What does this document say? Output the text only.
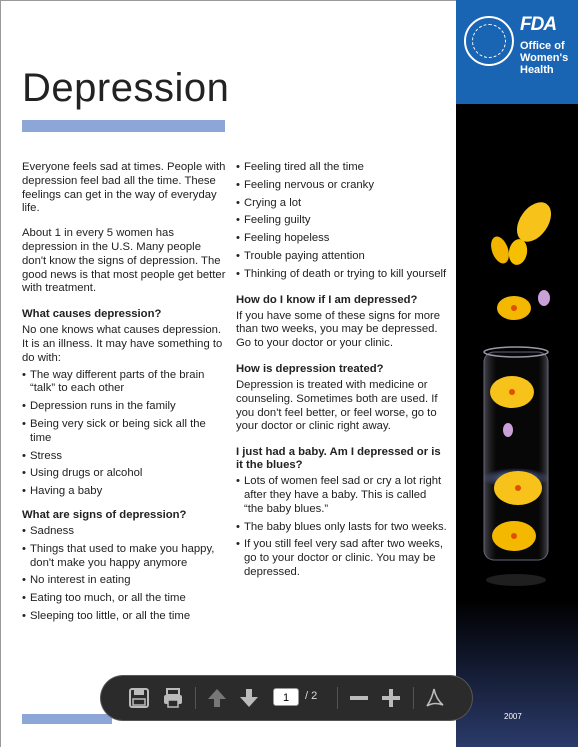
Depression

Everyone feels sad at times. People with depression feel bad all the time. These feelings can get in the way of everyday life.

About 1 in every 5 women has depression in the U.S. Many people don't know the signs of depression. The good news is that most people get better with treatment.

What causes depression?

No one knows what causes depression. It is an illness. It may have something to do with:

• The way different parts of the brain “talk” to each other
• Depression runs in the family
• Being very sick or being sick all the time
• Stress
• Using drugs or alcohol
• Having a baby
What are signs of depression?
• Sadness
• Things that used to make you happy, don't make you happy anymore
• No interest in eating
• Eating too much, or all the time
• Sleeping too little, or all the time
• Feeling tired all the time
• Feeling nervous or cranky
• Crying a lot
• Feeling guilty
• Feeling hopeless
• Trouble paying attention
• Thinking of death or trying to kill yourself
How do I know if I am depressed?

If you have some of these signs for more than two weeks, you may be depressed. Go to your doctor or your clinic.

How is depression treated?

Depression is treated with medicine or counseling. Sometimes both are used. If you don't feel better, or feel worse, go to your doctor or clinic right away.

I just had a baby. Am I depressed or is it the blues?
• Lots of women feel sad or cry a lot right after they have a baby. This is called “the baby blues.”
• The baby blues only lasts for two weeks.
• If you still feel very sad after two weeks, go to your doctor or clinic. You may be depressed.
FDA
Office of
Women's
Health
2007
1	/ 2
